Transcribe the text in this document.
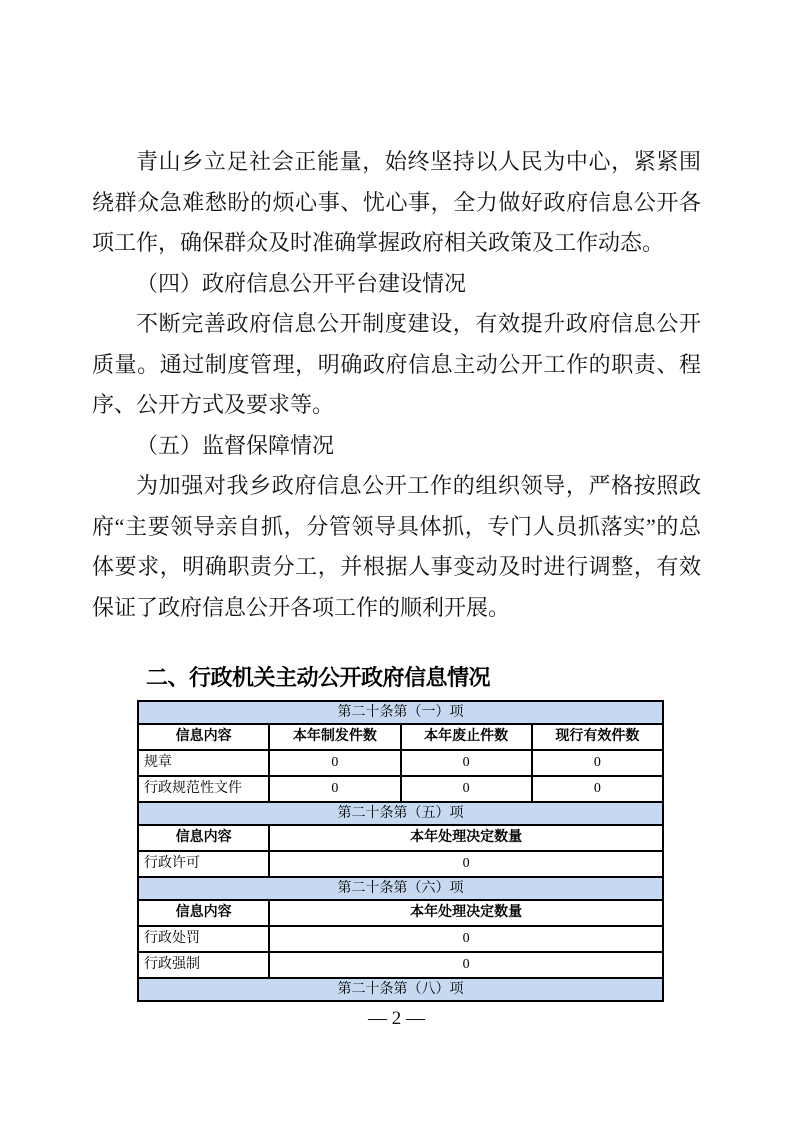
青山乡立足社会正能量，始终坚持以人民为中心，紧紧围绕群众急难愁盼的烦心事、忧心事，全力做好政府信息公开各项工作，确保群众及时准确掌握政府相关政策及工作动态。

（四）政府信息公开平台建设情况

不断完善政府信息公开制度建设，有效提升政府信息公开质量。通过制度管理，明确政府信息主动公开工作的职责、程序、公开方式及要求等。

（五）监督保障情况

为加强对我乡政府信息公开工作的组织领导，严格按照政府“主要领导亲自抓，分管领导具体抓，专门人员抓落实”的总体要求，明确职责分工，并根据人事变动及时进行调整，有效保证了政府信息公开各项工作的顺利开展。

二、行政机关主动公开政府信息情况
第二十条第（一）项			
信息内容	本年制发件数	本年废止件数	现行有效件数
规章	0	0	0
行政规范性文件	0	0	0
第二十条第（五）项			
信息内容	本年处理决定数量		
行政许可	0		
第二十条第（六）项			
信息内容	本年处理决定数量		
行政处罚	0		
行政强制	0		
第二十条第（八）项			
— 2 —
